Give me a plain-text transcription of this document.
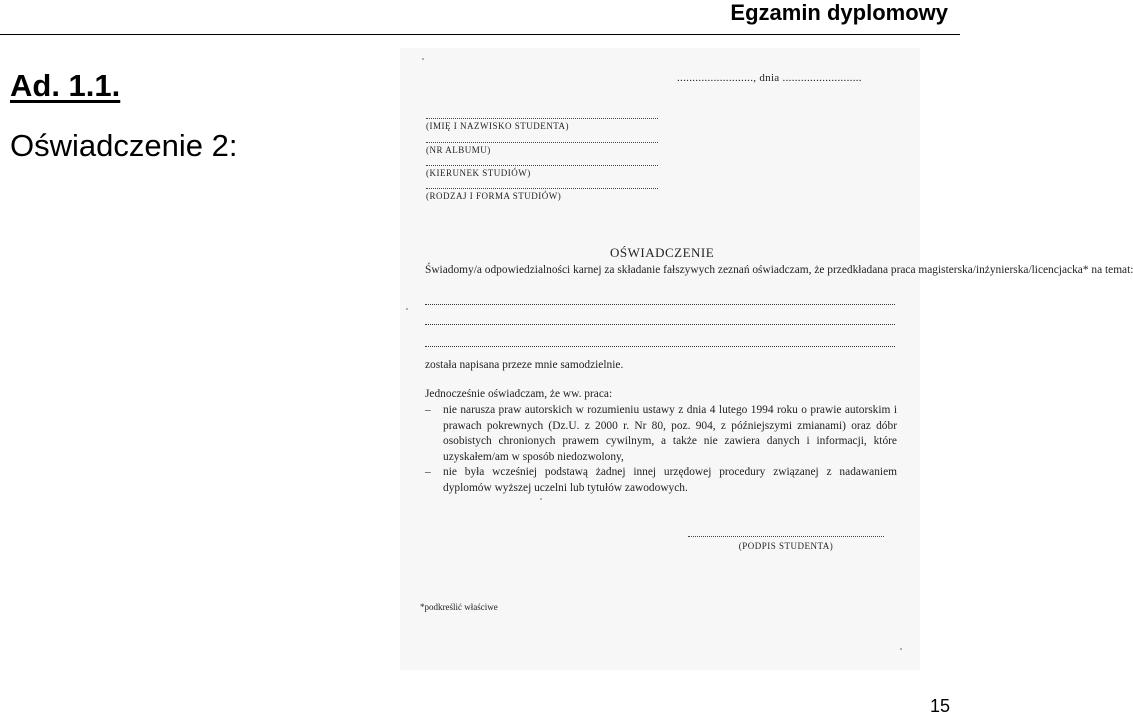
Egzamin dyplomowy
Ad. 1.1.
Oświadczenie 2:
........................., dnia ..........................
(IMIĘ I NAZWISKO STUDENTA)
(NR ALBUMU)
(KIERUNEK STUDIÓW)
(RODZAJ I FORMA STUDIÓW)
OŚWIADCZENIE
Świadomy/a odpowiedzialności karnej za składanie fałszywych zeznań oświadczam, że przedkładana praca magisterska/inżynierska/licencjacka* na temat:
została napisana przeze mnie samodzielnie.
Jednocześnie oświadczam, że ww. praca:
– nie narusza praw autorskich w rozumieniu ustawy z dnia 4 lutego 1994 roku o prawie autorskim i prawach pokrewnych (Dz.U. z 2000 r. Nr 80, poz. 904, z późniejszymi zmianami) oraz dóbr osobistych chronionych prawem cywilnym, a także nie zawiera danych i informacji, które uzyskałem/am w sposób niedozwolony,
– nie była wcześniej podstawą żadnej innej urzędowej procedury związanej z nadawaniem dyplomów wyższej uczelni lub tytułów zawodowych.
(PODPIS STUDENTA)
*podkreślić właściwe
15
